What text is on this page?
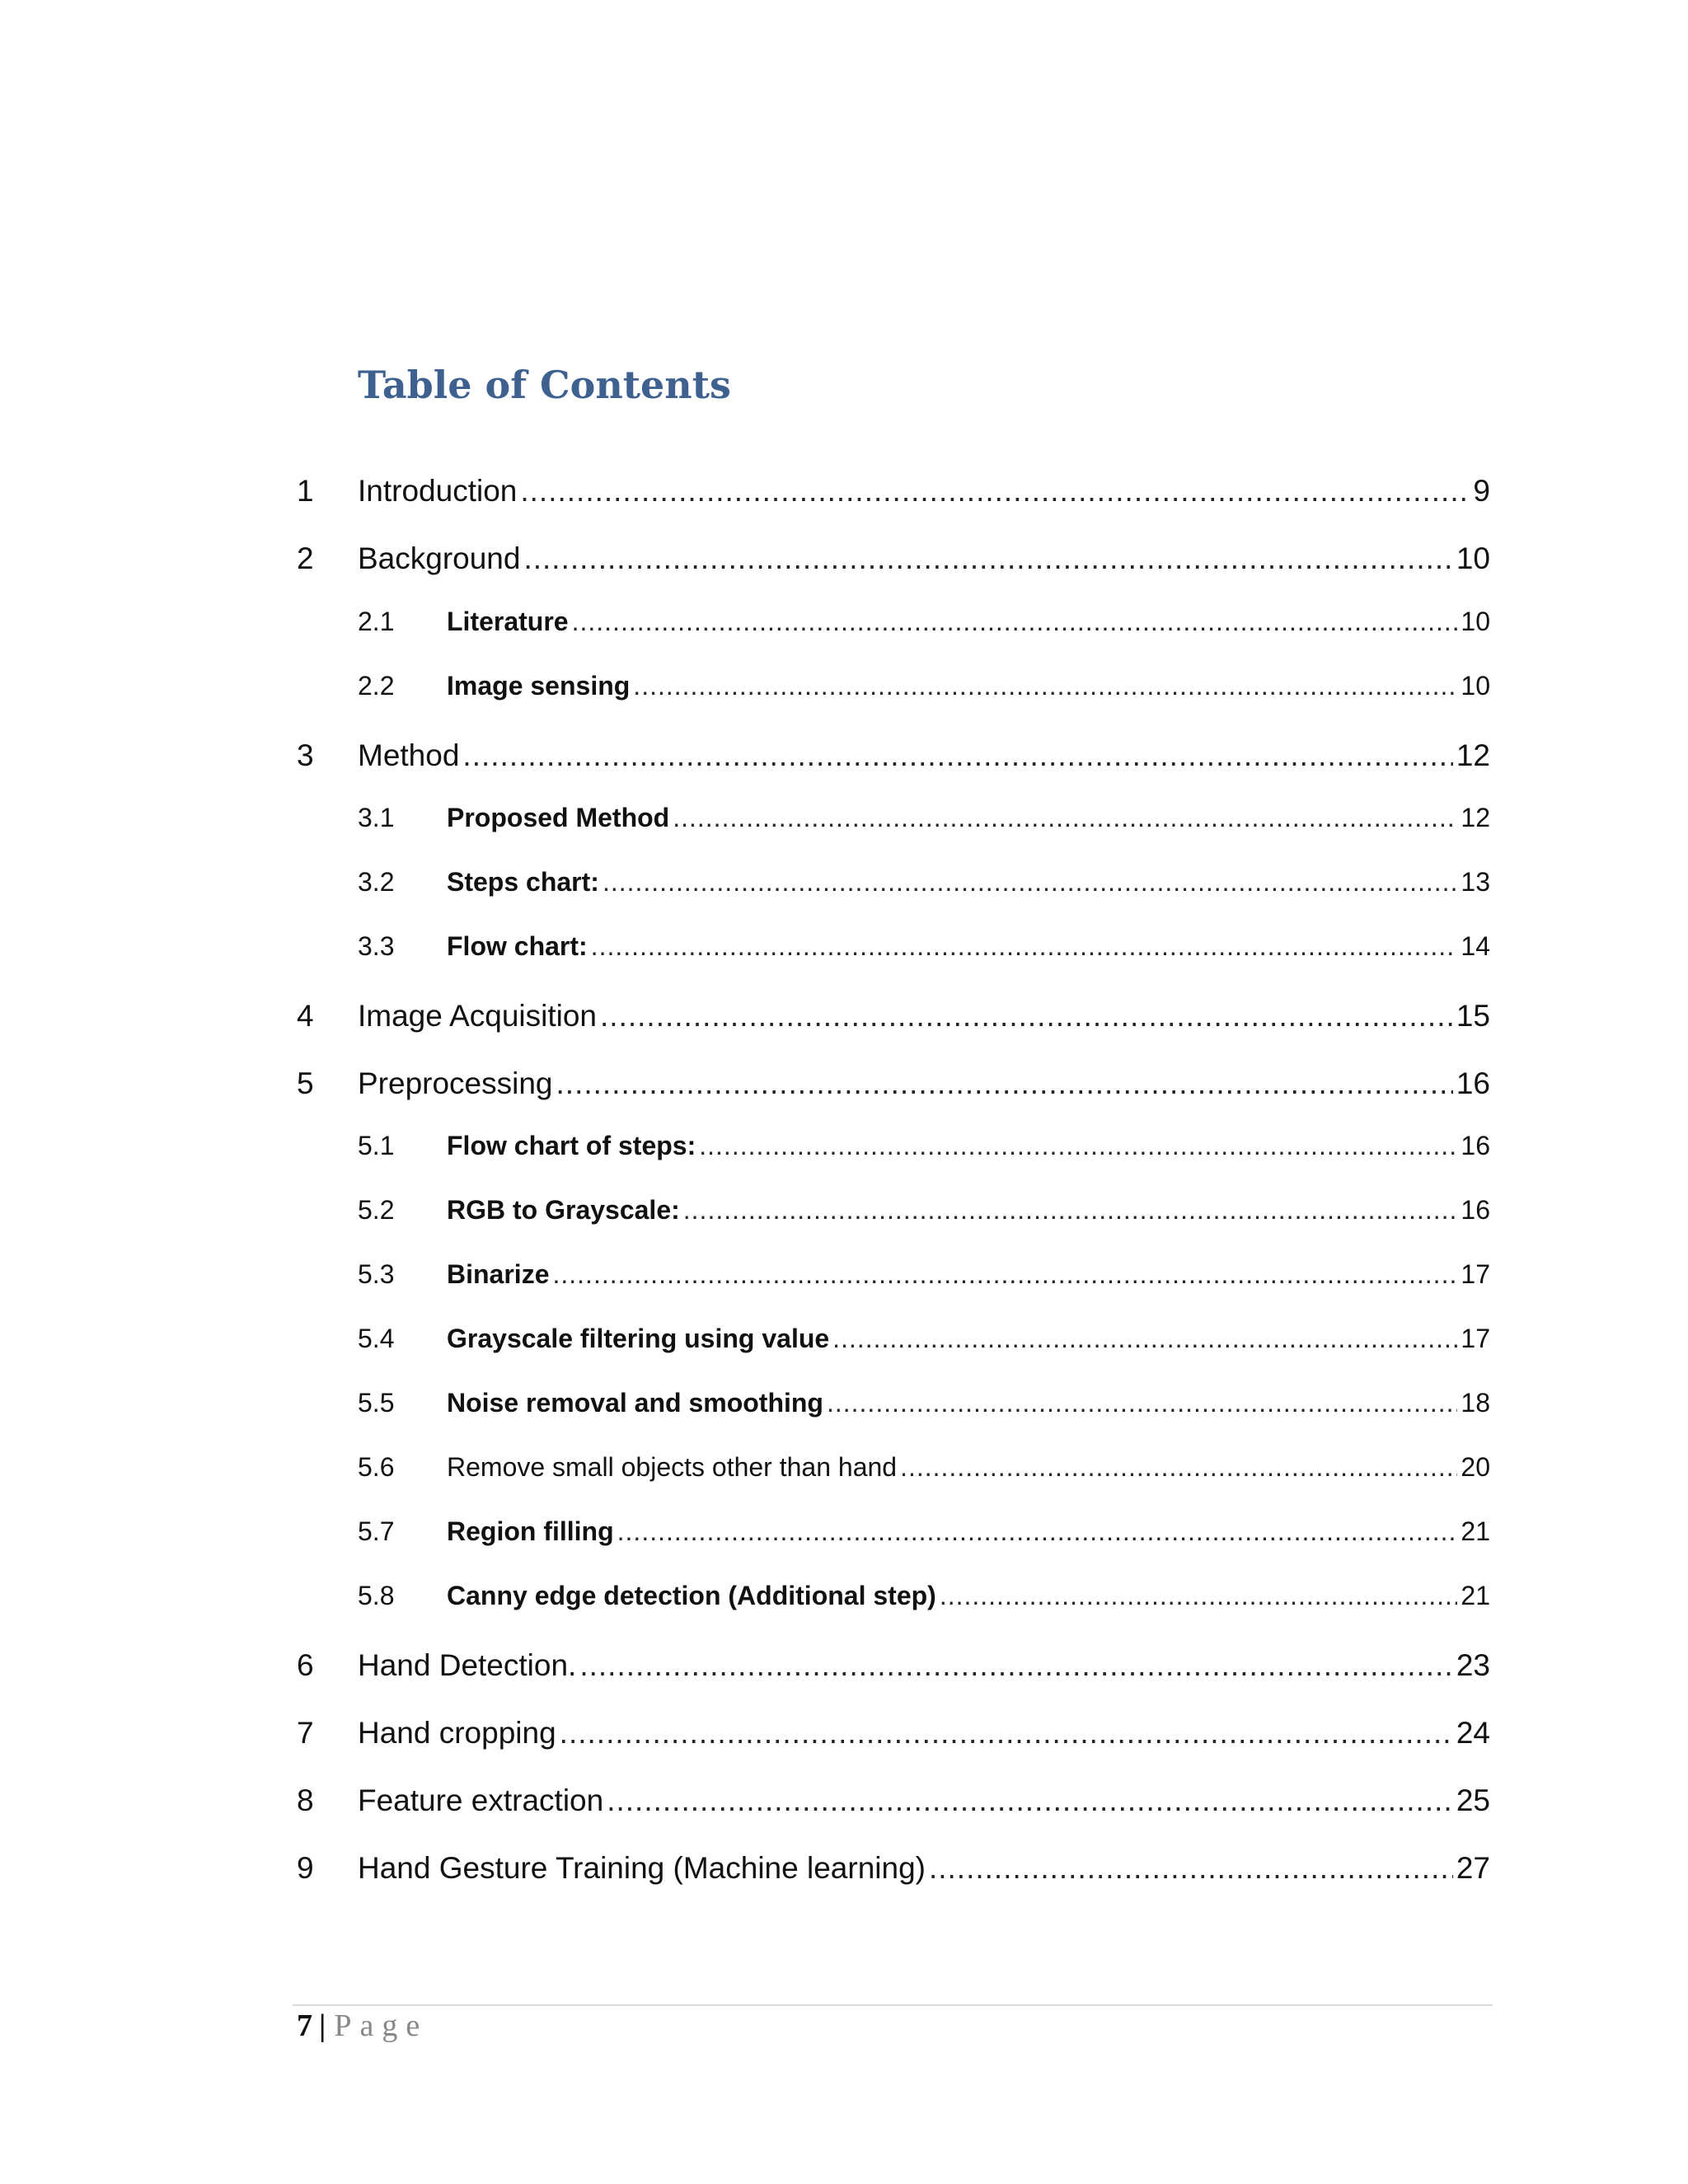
Table of Contents
1	Introduction .....	9
2	Background .....	10
2.1	Literature .....	10
2.2	Image sensing .....	10
3	Method .....	12
3.1	Proposed Method .....	12
3.2	Steps chart: .....	13
3.3	Flow chart: .....	14
4	Image Acquisition .....	15
5	Preprocessing .....	16
5.1	Flow chart of steps: .....	16
5.2	RGB to Grayscale: .....	16
5.3	Binarize .....	17
5.4	Grayscale filtering using value .....	17
5.5	Noise removal and smoothing .....	18
5.6	Remove small objects other than hand .....	20
5.7	Region filling .....	21
5.8	Canny edge detection (Additional step) .....	21
6	Hand Detection. .....	23
7	Hand cropping .....	24
8	Feature extraction .....	25
9	Hand Gesture Training (Machine learning) .....	27
7 | Page
